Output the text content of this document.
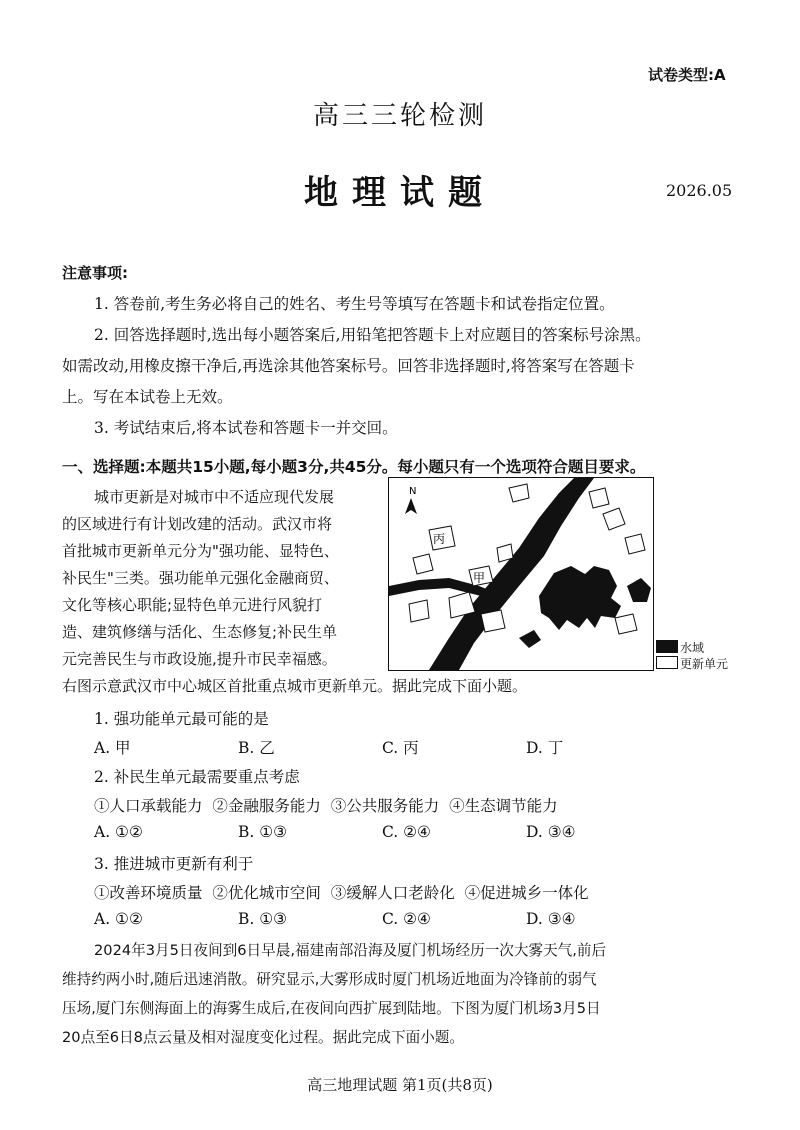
试卷类型:A
高三三轮检测
地理试题	2026.05
注意事项:
1. 答卷前,考生务必将自己的姓名、考生号等填写在答题卡和试卷指定位置。
2. 回答选择题时,选出每小题答案后,用铅笔把答题卡上对应题目的答案标号涂黑。
如需改动,用橡皮擦干净后,再选涂其他答案标号。回答非选择题时,将答案写在答题卡
上。写在本试卷上无效。
3. 考试结束后,将本试卷和答题卡一并交回。
一、选择题:本题共15小题,每小题3分,共45分。每小题只有一个选项符合题目要求。
城市更新是对城市中不适应现代发展
的区域进行有计划改建的活动。武汉市将
首批城市更新单元分为"强功能、显特色、
补民生"三类。强功能单元强化金融商贸、
文化等核心职能;显特色单元进行风貌打
造、建筑修缮与活化、生态修复;补民生单
元完善民生与市政设施,提升市民幸福感。
右图示意武汉市中心城区首批重点城市更新单元。据此完成下面小题。
N
丙
甲
水域
更新单元
1. 强功能单元最可能的是
A. 甲	B. 乙	C. 丙	D. 丁
2. 补民生单元最需要重点考虑
①人口承载能力  ②金融服务能力  ③公共服务能力  ④生态调节能力
A. ①②	B. ①③	C. ②④	D. ③④
3. 推进城市更新有利于
①改善环境质量  ②优化城市空间  ③缓解人口老龄化  ④促进城乡一体化
A. ①②	B. ①③	C. ②④	D. ③④
2024年3月5日夜间到6日早晨,福建南部沿海及厦门机场经历一次大雾天气,前后
维持约两小时,随后迅速消散。研究显示,大雾形成时厦门机场近地面为冷锋前的弱气
压场,厦门东侧海面上的海雾生成后,在夜间向西扩展到陆地。下图为厦门机场3月5日
20点至6日8点云量及相对湿度变化过程。据此完成下面小题。
高三地理试题 第1页(共8页)
